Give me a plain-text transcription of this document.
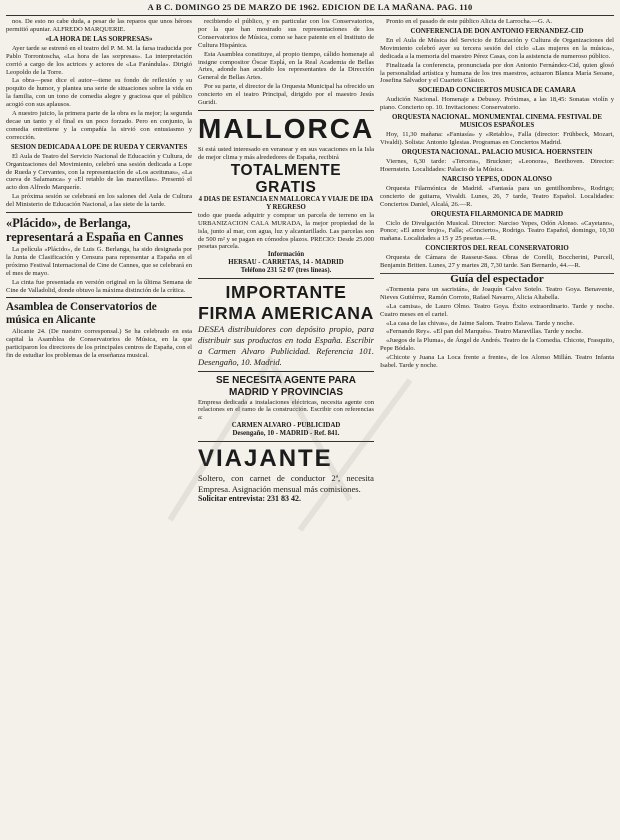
A B C. DOMINGO 25 DE MARZO DE 1962. EDICION DE LA MAÑANA. PAG. 110

nos. De esto no cabe duda, a pesar de las reparos que unos héroes permitió apuntar. ALFREDO MARQUERIE.

«LA HORA DE LAS SORPRESAS»

Ayer tarde se estrenó en el teatro del P. M. M. la farsa traducida por Pablo Torrontoscha, «La hora de las sorpresas». La interpretación corrió a cargo de los actrices y actores de «La Farándula». Dirigió Leopoldo de la Torre.

La obra—pese dice el autor—tiene su fondo de reflexión y su poquito de humor, y plantea una serie de situaciones sobre la vida en la familia, con un tono de comedia alegre y graciosa que el público acogió con sus aplausos.

A nuestro juicio, la primera parte de la obra es la mejor; la segunda decae un tanto y el final es un poco forzado. Pero en conjunto, la comedia entretiene y la compañía la sirvió con entusiasmo y corrección.

SESION DEDICADA A LOPE DE RUEDA Y CERVANTES

El Aula de Teatro del Servicio Nacional de Educación y Cultura, de Organizaciones del Movimiento, celebró una sesión dedicada a Lope de Rueda y Cervantes, con la representación de «Los aceitunas», «La cueva de Salamanca» y «El retablo de las maravillas». Presentó el acto don Alfredo Marqueríe.

La próxima sesión se celebrará en los salones del Aula de Cultura del Ministerio de Educación Nacional, a las siete de la tarde.

«Plácido», de Berlanga, representará a España en Cannes

La película «Plácido», de Luis G. Berlanga, ha sido designada por la Junta de Clasificación y Censura para representar a España en el próximo Festival Internacional de Cine de Cannes, que se celebrará en el mes de mayo.

La cinta fue presentada en versión original en la última Semana de Cine de Valladolid, donde obtuvo la máxima distinción de la crítica.

Asamblea de Conservatorios de música en Alicante

Alicante 24. (De nuestro corresponsal.) Se ha celebrado en esta capital la Asamblea de Conservatorios de Música, en la que participaron los directores de los principales centros de España, con el fin de estudiar los problemas de la enseñanza musical.

recibiendo el público, y en particular con los Conservatorios, por la que han mostrado sus representaciones de los Conservatorios de Música, como se hace patente en el Instituto de Cultura Hispánica.

Esta Asamblea constituye, al propio tiempo, cálido homenaje al insigne compositor Óscar Esplá, en la Real Academia de Bellas Artes, adonde han acudido los representantes de la Dirección General de Bellas Artes.

Por su parte, el director de la Orquesta Municipal ha ofrecido un concierto en el teatro Principal, dirigido por el maestro Jesús Guridi.

MALLORCA
Si está usted interesado en veranear y en sus vacaciones en la Isla de mejor clima y más alrededores de España, recibirá
TOTALMENTE GRATIS
4 DIAS DE ESTANCIA EN MALLORCA Y VIAJE DE IDA Y REGRESO
todo que pueda adquirir y comprar un parcela de terreno en la URBANIZACION CALA MURADA, la mejor propiedad de la isla, junto al mar, con agua, luz y alcantarillado. Las parcelas son de 500 m² y se pagan en cómodos plazos. PRECIO: Desde 25.000 pesetas parcela.
Información
HERSAU - CARRETAS, 14 - MADRID
Teléfono 231 52 07 (tres líneas).
IMPORTANTE FIRMA AMERICANA
DESEA distribuidores con depósito propio, para distribuir sus productos en toda España. Escribir a Carmen Alvaro Publicidad. Referencia 101. Desengaño, 10. Madrid.
SE NECESITA AGENTE PARA MADRID Y PROVINCIAS
Empresa dedicada a instalaciones eléctricas, necesita agente con relaciones en el ramo de la construcción. Escribir con referencias a:
CARMEN ALVARO - PUBLICIDAD
Desengaño, 10 - MADRID - Ref. 841.
VIAJANTE
Soltero, con carnet de conductor 2ª, necesita Empresa. Asignación mensual más comisiones.
Solicitar entrevista: 231 83 42.

Pronto en el pasado de este público Alicia de Larrocha.—G. A.

CONFERENCIA DE DON ANTONIO FERNANDEZ-CID

En el Aula de Música del Servicio de Educación y Cultura de Organizaciones del Movimiento celebró ayer su tercera sesión del ciclo «Las mujeres en la música», dedicada a la memoria del maestro Pérez Casas, con la asistencia de numeroso público.

Finalizada la conferencia, pronunciada por don Antonio Fernández-Cid, quien glosó la personalidad artística y humana de los tres maestros, actuaron Blanca María Seoane, Josefina Salvador y el Cuarteto Clásico.

SOCIEDAD CONCIERTOS MUSICA DE CAMARA

Audición Nacional. Homenaje a Debussy. Próximas, a las 18,45: Sonatas violín y piano. Concierto op. 10. Invitaciones: Conservatorio.

ORQUESTA NACIONAL. MONUMENTAL CINEMA. FESTIVAL DE MUSICOS ESPAÑOLES

Hoy, 11,30 mañana: «Fantasía» y «Retablo», Falla (director: Frühbeck, Mozart, Vivaldi). Solista: Antonio Iglesias. Programas en Conciertos Madrid.

ORQUESTA NACIONAL. PALACIO MUSICA. HOERNSTEIN

Viernes, 6,30 tarde: «Tercera», Bruckner; «Leonora», Beethoven. Director: Hoernstein. Localidades: Palacio de la Música.

NARCISO YEPES, ODON ALONSO

Orquesta Filarmónica de Madrid. «Fantasía para un gentilhombre», Rodrigo; concierto de guitarra, Vivaldi. Lunes, 26, 7 tarde, Teatro Español. Localidades: Conciertos Daniel, Alcalá, 26.—R.

ORQUESTA FILARMONICA DE MADRID

Ciclo de Divulgación Musical. Director: Narciso Yepes, Odón Alonso. «Cayetano», Ponce; «El amor brujo», Falla; «Concierto», Rodrigo. Teatro Español, domingo, 10,30 mañana. Localidades a 15 y 25 pesetas.—R.

CONCIERTOS DEL REAL CONSERVATORIO

Orquesta de Cámara de Rasseur-Sass. Obras de Corelli, Boccherini, Purcell, Benjamin Britten. Lunes, 27 y martes 28, 7,30 tarde. San Bernardo, 44.—R.

Guía del espectador

«Tormenta para un sacristán», de Joaquín Calvo Sotelo. Teatro Goya. Benavente, Nieves Gutiérrez, Ramón Corroto, Rafael Navarro, Alicia Altabella.

«La camisa», de Lauro Olmo. Teatro Goya. Éxito extraordinario. Tarde y noche. Cuatro meses en el cartel.

«La casa de las chivas», de Jaime Salom. Teatro Eslava. Tarde y noche.

«Fernando Rey». «El pan del Marqués». Teatro Maravillas. Tarde y noche.

«Juegos de la Pluma», de Ángel de Andrés. Teatro de la Comedia. Chicote, Frasquito, Pepe Bódalo.

«Chicote y Juana La Loca frente a frente», de los Alonso Millán. Teatro Infanta Isabel. Tarde y noche.
